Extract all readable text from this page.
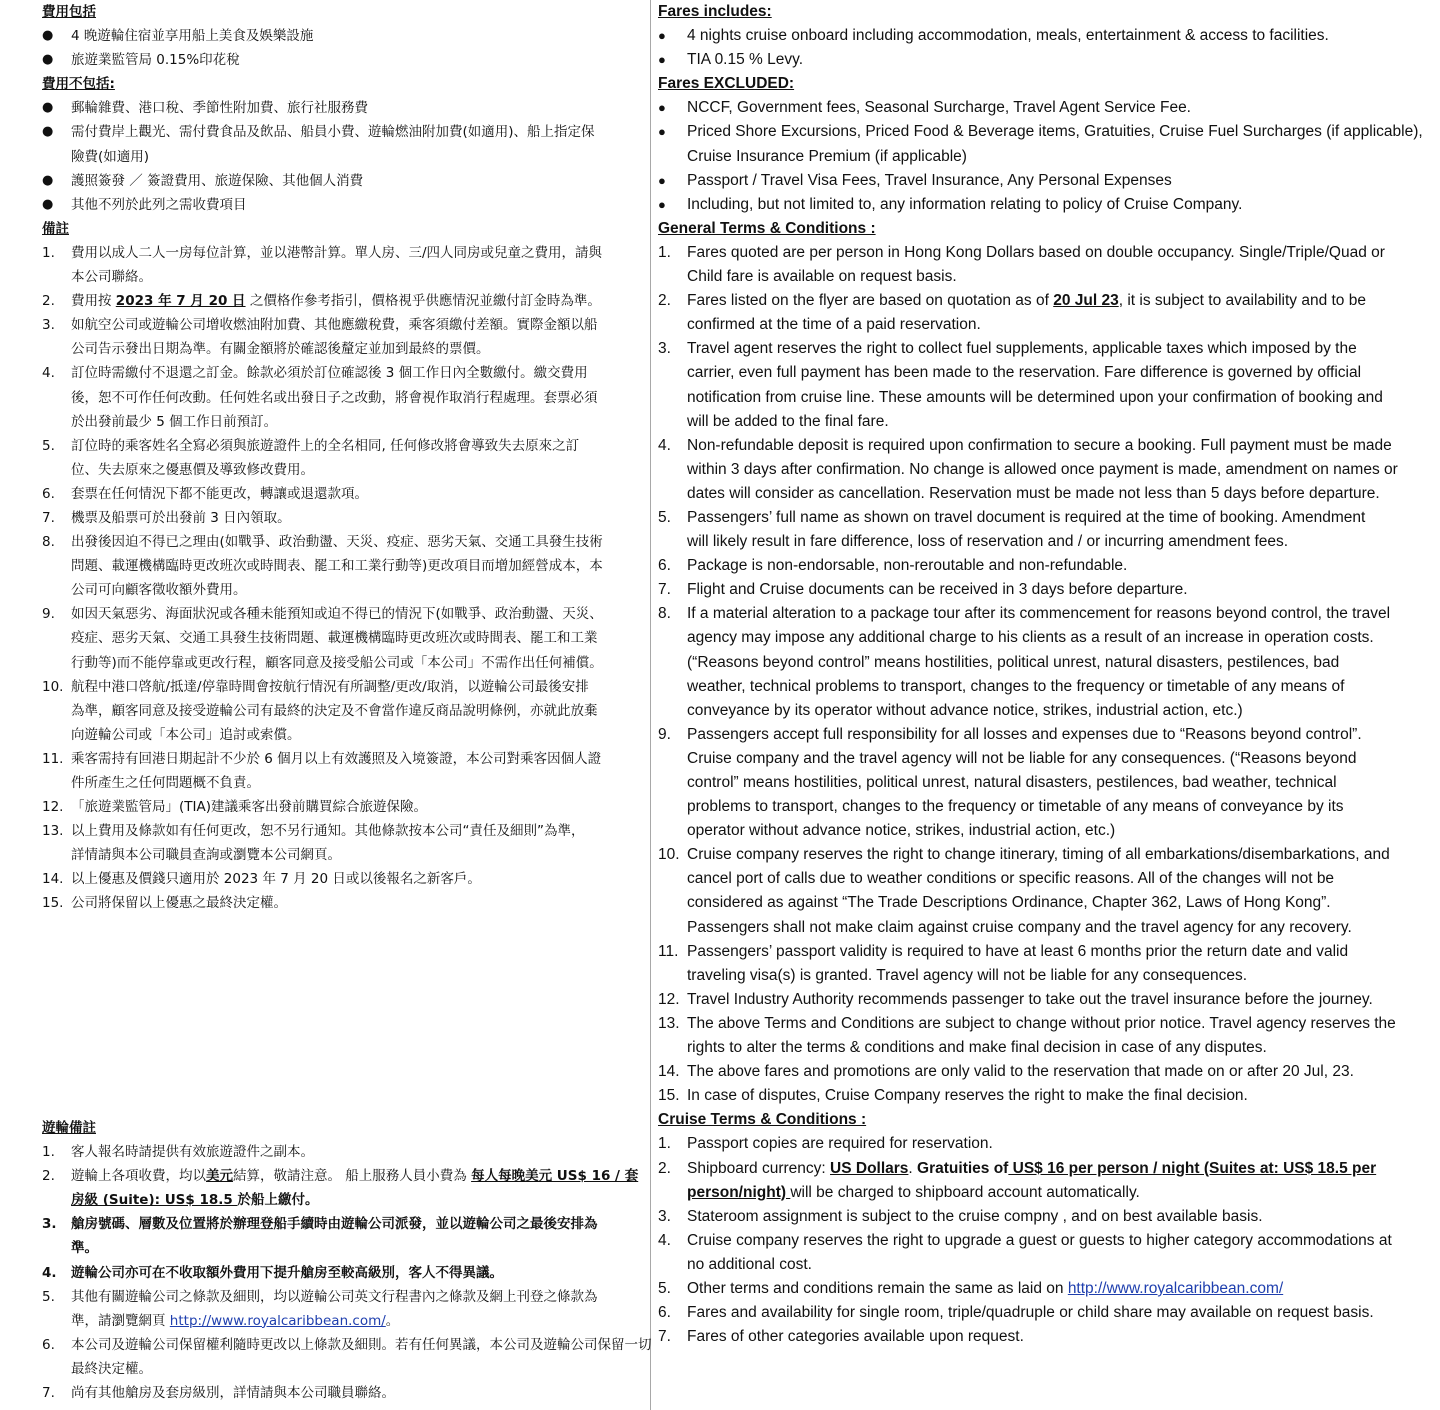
費用包括
●	4 晚遊輪住宿並享用船上美食及娛樂設施
●	旅遊業監管局 0.15%印花稅
費用不包括:
●	郵輪雜費、港口稅、季節性附加費、旅行社服務費
●	需付費岸上觀光、需付費食品及飲品、船員小費、遊輪燃油附加費(如適用)、船上指定保
險費(如適用)
●	護照簽發 ／ 簽證費用、旅遊保險、其他個人消費
●	其他不列於此列之需收費項目
備註
1.	費用以成人二人一房每位計算，並以港幣計算。單人房、三/四人同房或兒童之費用，請與
本公司聯絡。
2.	費用按 2023 年 7 月 20 日 之價格作參考指引，價格視乎供應情況並繳付訂金時為準。
3.	如航空公司或遊輪公司增收燃油附加費、其他應繳稅費，乘客須繳付差額。實際金額以船
公司告示發出日期為準。有關金額將於確認後釐定並加到最終的票價。
4.	訂位時需繳付不退還之訂金。餘款必須於訂位確認後 3 個工作日內全數繳付。繳交費用
後，恕不可作任何改動。任何姓名或出發日子之改動，將會視作取消行程處理。套票必須
於出發前最少 5 個工作日前預訂。
5.	訂位時的乘客姓名全寫必須與旅遊證件上的全名相同, 任何修改將會導致失去原來之訂
位、失去原來之優惠價及導致修改費用。
6.	套票在任何情況下都不能更改，轉讓或退還款項。
7.	機票及船票可於出發前 3 日內領取。
8.	出發後因迫不得已之理由(如戰爭、政治動盪、天災、疫症、惡劣天氣、交通工具發生技術
問題、載運機構臨時更改班次或時間表、罷工和工業行動等)更改項目而增加經營成本，本
公司可向顧客徵收額外費用。
9.	如因天氣惡劣、海面狀況或各種未能預知或迫不得已的情況下(如戰爭、政治動盪、天災、
疫症、惡劣天氣、交通工具發生技術問題、載運機構臨時更改班次或時間表、罷工和工業
行動等)而不能停靠或更改行程，顧客同意及接受船公司或「本公司」不需作出任何補償。
10. 航程中港口啓航/抵達/停靠時間會按航行情況有所調整/更改/取消，以遊輪公司最後安排
為準，顧客同意及接受遊輪公司有最終的決定及不會當作違反商品說明條例，亦就此放棄
向遊輪公司或「本公司」追討或索償。
11. 乘客需持有回港日期起計不少於 6 個月以上有效護照及入境簽證，本公司對乘客因個人證
件所產生之任何問題概不負責。
12. 「旅遊業監管局」(TIA)建議乘客出發前購買綜合旅遊保險。
13. 以上費用及條款如有任何更改，恕不另行通知。其他條款按本公司“責任及細則”為準，
詳情請與本公司職員查詢或瀏覽本公司網頁。
14. 以上優惠及價錢只適用於 2023 年 7 月 20 日或以後報名之新客戶。
15. 公司將保留以上優惠之最終決定權。
遊輪備註
1.	客人報名時請提供有效旅遊證件之副本。
2.	遊輪上各項收費，均以美元結算，敬請注意。 船上服務人員小費為 每人每晚美元 US$ 16 / 套
房級 (Suite): US$ 18.5 於船上繳付。
3.	艙房號碼、層數及位置將於辦理登船手續時由遊輪公司派發，並以遊輪公司之最後安排為
準。
4.	遊輪公司亦可在不收取額外費用下提升艙房至較高級別，客人不得異議。
5.	其他有關遊輪公司之條款及細則，均以遊輪公司英文行程書內之條款及網上刊登之條款為
準，請瀏覽網頁 http://www.royalcaribbean.com/。
6.	本公司及遊輪公司保留權利隨時更改以上條款及細則。若有任何異議，本公司及遊輪公司保留一切
最終決定權。
7.	尚有其他艙房及套房級別，詳情請與本公司職員聯絡。
Fares includes:
●	4 nights cruise onboard including accommodation, meals, entertainment & access to facilities.
●	TIA 0.15 % Levy.
Fares EXCLUDED:
●	NCCF, Government fees, Seasonal Surcharge, Travel Agent Service Fee.
●	Priced Shore Excursions, Priced Food & Beverage items, Gratuities, Cruise Fuel Surcharges (if applicable),
Cruise Insurance Premium (if applicable)
●	Passport / Travel Visa Fees, Travel Insurance, Any Personal Expenses
●	Including, but not limited to, any information relating to policy of Cruise Company.
General Terms & Conditions :
1.	Fares quoted are per person in Hong Kong Dollars based on double occupancy. Single/Triple/Quad or
Child fare is available on request basis.
2.	Fares listed on the flyer are based on quotation as of 20 Jul 23, it is subject to availability and to be
confirmed at the time of a paid reservation.
3.	Travel agent reserves the right to collect fuel supplements, applicable taxes which imposed by the
carrier, even full payment has been made to the reservation. Fare difference is governed by official
notification from cruise line. These amounts will be determined upon your confirmation of booking and
will be added to the final fare.
4.	Non-refundable deposit is required upon confirmation to secure a booking. Full payment must be made
within 3 days after confirmation. No change is allowed once payment is made, amendment on names or
dates will consider as cancellation. Reservation must be made not less than 5 days before departure.
5.	Passengers’ full name as shown on travel document is required at the time of booking. Amendment
will likely result in fare difference, loss of reservation and / or incurring amendment fees.
6.	Package is non-endorsable, non-reroutable and non-refundable.
7.	Flight and Cruise documents can be received in 3 days before departure.
8.	If a material alteration to a package tour after its commencement for reasons beyond control, the travel
agency may impose any additional charge to his clients as a result of an increase in operation costs.
(“Reasons beyond control” means hostilities, political unrest, natural disasters, pestilences, bad
weather, technical problems to transport, changes to the frequency or timetable of any means of
conveyance by its operator without advance notice, strikes, industrial action, etc.)
9.	Passengers accept full responsibility for all losses and expenses due to “Reasons beyond control”.
Cruise company and the travel agency will not be liable for any consequences. (“Reasons beyond
control” means hostilities, political unrest, natural disasters, pestilences, bad weather, technical
problems to transport, changes to the frequency or timetable of any means of conveyance by its
operator without advance notice, strikes, industrial action, etc.)
10. Cruise company reserves the right to change itinerary, timing of all embarkations/disembarkations, and
cancel port of calls due to weather conditions or specific reasons. All of the changes will not be
considered as against “The Trade Descriptions Ordinance, Chapter 362, Laws of Hong Kong”.
Passengers shall not make claim against cruise company and the travel agency for any recovery.
11. Passengers’ passport validity is required to have at least 6 months prior the return date and valid
traveling visa(s) is granted. Travel agency will not be liable for any consequences.
12. Travel Industry Authority recommends passenger to take out the travel insurance before the journey.
13. The above Terms and Conditions are subject to change without prior notice. Travel agency reserves the
rights to alter the terms & conditions and make final decision in case of any disputes.
14. The above fares and promotions are only valid to the reservation that made on or after 20 Jul, 23.
15. In case of disputes, Cruise Company reserves the right to make the final decision.
Cruise Terms & Conditions :
1.	Passport copies are required for reservation.
2.	Shipboard currency: US Dollars. Gratuities of US$ 16 per person / night (Suites at: US$ 18.5 per
person/night) will be charged to shipboard account automatically.
3.	Stateroom assignment is subject to the cruise compny , and on best available basis.
4.	Cruise company reserves the right to upgrade a guest or guests to higher category accommodations at
no additional cost.
5.	Other terms and conditions remain the same as laid on http://www.royalcaribbean.com/
6.	Fares and availability for single room, triple/quadruple or child share may available on request basis.
7.	Fares of other categories available upon request.
